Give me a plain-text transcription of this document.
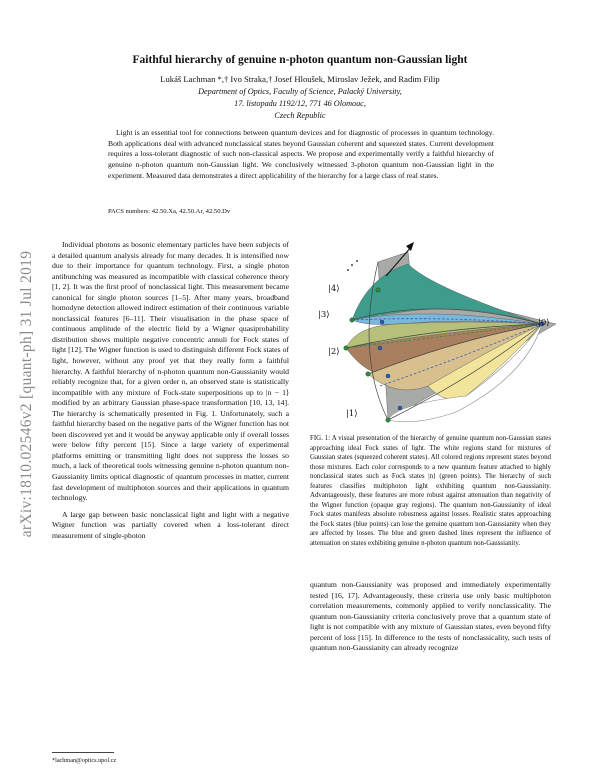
Faithful hierarchy of genuine n-photon quantum non-Gaussian light
Lukáš Lachman *,† Ivo Straka,† Josef Hloušek, Miroslav Ježek, and Radim Filip
Department of Optics, Faculty of Science, Palacký University,
17. listopadu 1192/12, 771 46 Olomouc,
Czech Republic
Light is an essential tool for connections between quantum devices and for diagnostic of processes in quantum technology. Both applications deal with advanced nonclassical states beyond Gaussian coherent and squeezed states. Current development requires a loss-tolerant diagnostic of such non-classical aspects. We propose and experimentally verify a faithful hierarchy of genuine n-photon quantum non-Gaussian light. We conclusively witnessed 3-photon quantum non-Gaussian light in the experiment. Measured data demonstrates a direct applicability of the hierarchy for a large class of real states.
PACS numbers: 42.50.Xa, 42.50.Ar, 42.50.Dv
arXiv:1810.02546v2 [quant-ph] 31 Jul 2019

Individual photons as bosonic elementary particles have been subjects of a detailed quantum analysis already for many decades. It is intensified now due to their importance for quantum technology. First, a single photon antibunching was measured as incompatible with classical coherence theory [1, 2]. It was the first proof of nonclassical light. This measurement became canonical for single photon sources [1–5]. After many years, broadband homodyne detection allowed indirect estimation of their continuous variable nonclassical features [6–11]. Their visualisation in the phase space of continuous amplitude of the electric field by a Wigner quasiprobability distribution shows multiple negative concentric annuli for Fock states of light [12]. The Wigner function is used to distinguish different Fock states of light, however, without any proof yet that they really form a faithful hierarchy. A faithful hierarchy of n-photon quantum non-Gaussianity would reliably recognize that, for a given order n, an observed state is statistically incompatible with any mixture of Fock-state superpositions up to |n − 1⟩ modified by an arbitrary Gaussian phase-space transformation [10, 13, 14]. The hierarchy is schematically presented in Fig. 1. Unfortunately, such a faithful hierarchy based on the negative parts of the Wigner function has not been discovered yet and it would be anyway applicable only if overall losses were below fifty percent [15]. Since a large variety of experimental platforms emitting or transmitting light does not suppress the losses so much, a lack of theoretical tools witnessing genuine n-photon quantum non-Gaussianity limits optical diagnostic of quantum processes in matter, current fast development of multiphoton sources and their applications in quantum technology.

A large gap between basic nonclassical light and light with a negative Wigner function was partially covered when a loss-tolerant direct measurement of single-photon

|4⟩
|3⟩
|2⟩
|1⟩
|0⟩
FIG. 1: A visual presentation of the hierarchy of genuine quantum non-Gaussian states approaching ideal Fock states of light. The white regions stand for mixtures of Gaussian states (squeezed coherent states). All colored regions represent states beyond those mixtures. Each color corresponds to a new quantum feature attached to highly nonclassical states such as Fock states |n⟩ (green points). The hierarchy of such features classifies multiphoton light exhibiting quantum non-Gaussianity. Advantageously, these features are more robust against attenuation than negativity of the Wigner function (opaque gray regions). The quantum non-Gaussianity of ideal Fock states manifests absolute robustness against losses. Realistic states approaching the Fock states (blue points) can lose the genuine quantum non-Gaussianity when they are affected by losses. The blue and green dashed lines represent the influence of attenuation on states exhibiting genuine n-photon quantum non-Gaussianity.

quantum non-Gaussianity was proposed and immediately experimentally tested [16, 17]. Advantageously, these criteria use only basic multiphoton correlation measurements, commonly applied to verify nonclassicality. The quantum non-Gaussianity criteria conclusively prove that a quantum state of light is not compatible with any mixture of Gaussian states, even beyond fifty percent of loss [15]. In difference to the tests of nonclassicality, such tests of quantum non-Gaussianity can already recognize

*lachman@optics.upol.cz
